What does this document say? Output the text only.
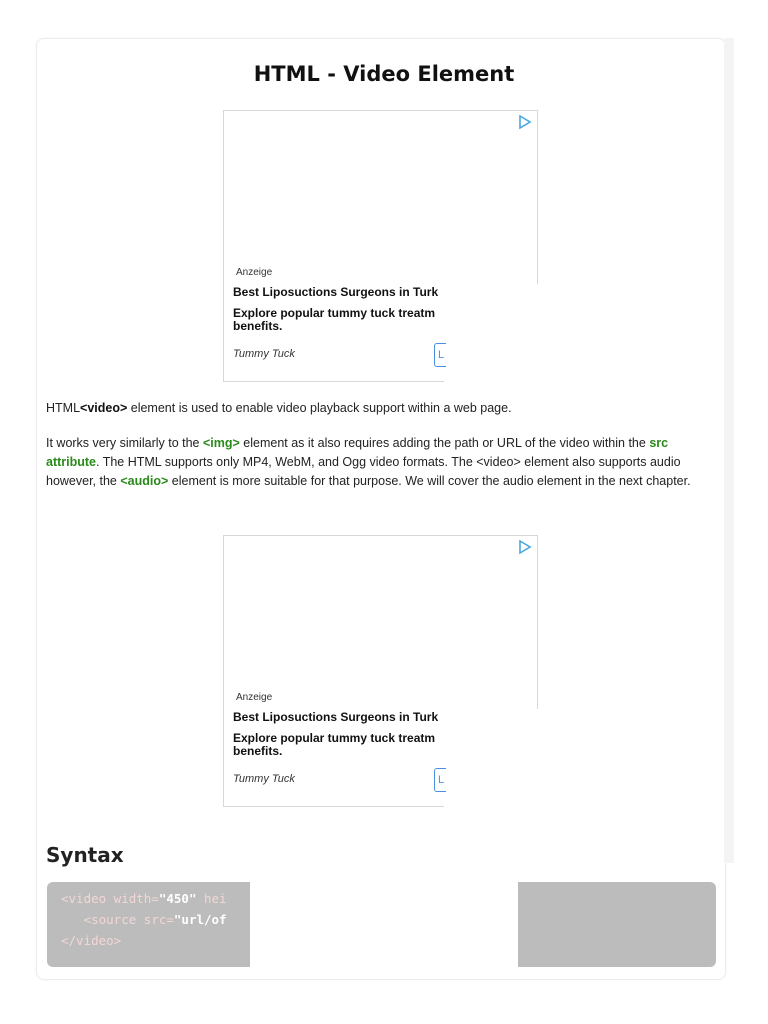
HTML - Video Element
Anzeige
Best Liposuctions Surgeons in Turk
Explore popular tummy tuck treatm
benefits.
Tummy Tuck	L

HTML<video> element is used to enable video playback support within a web page.

It works very similarly to the <img> element as it also requires adding the path or URL of the video within the src attribute. The HTML supports only MP4, WebM, and Ogg video formats. The <video> element also supports audio however, the <audio> element is more suitable for that purpose. We will cover the audio element in the next chapter.

Anzeige
Best Liposuctions Surgeons in Turk
Explore popular tummy tuck treatm
benefits.
Tummy Tuck	L
Syntax
<video width="450" hei
<source src="url/of
</video>
